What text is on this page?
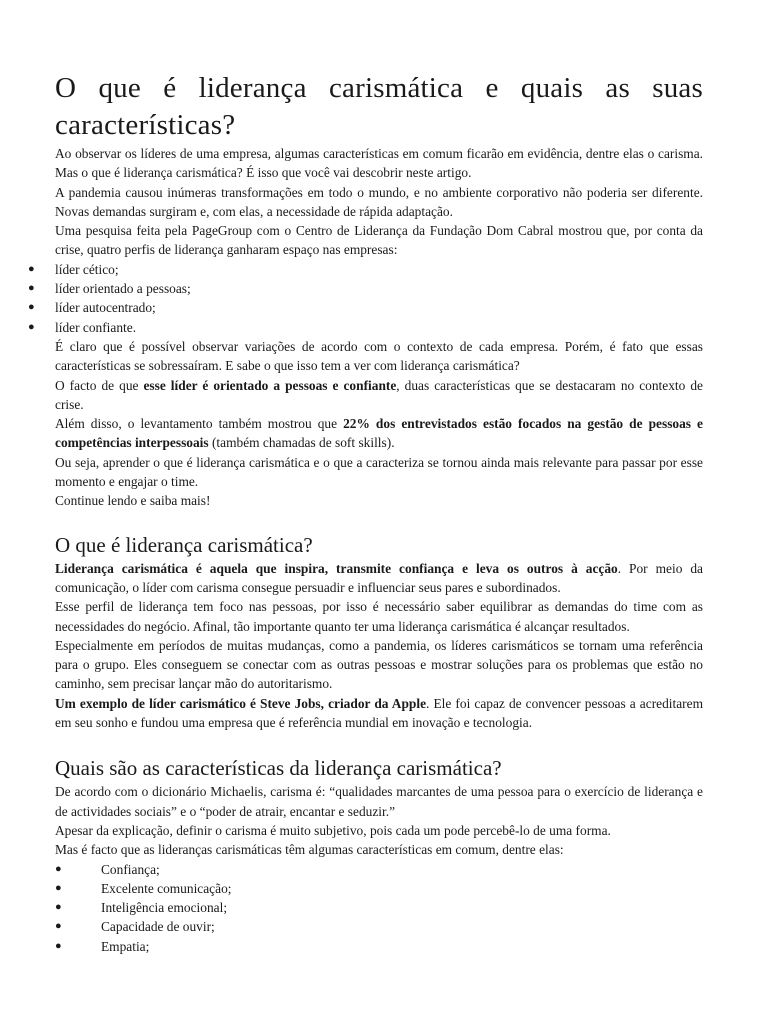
O que é liderança carismática e quais as suas características?

Ao observar os líderes de uma empresa, algumas características em comum ficarão em evidência, dentre elas o carisma. Mas o que é liderança carismática? É isso que você vai descobrir neste artigo.

A pandemia causou inúmeras transformações em todo o mundo, e no ambiente corporativo não poderia ser diferente. Novas demandas surgiram e, com elas, a necessidade de rápida adaptação.

Uma pesquisa feita pela PageGroup com o Centro de Liderança da Fundação Dom Cabral mostrou que, por conta da crise, quatro perfis de liderança ganharam espaço nas empresas:

● líder cético;
● líder orientado a pessoas;
● líder autocentrado;
● líder confiante.

É claro que é possível observar variações de acordo com o contexto de cada empresa. Porém, é fato que essas características se sobressaíram. E sabe o que isso tem a ver com liderança carismática?

O facto de que esse líder é orientado a pessoas e confiante, duas características que se destacaram no contexto de crise.

Além disso, o levantamento também mostrou que 22% dos entrevistados estão focados na gestão de pessoas e competências interpessoais (também chamadas de soft skills).

Ou seja, aprender o que é liderança carismática e o que a caracteriza se tornou ainda mais relevante para passar por esse momento e engajar o time.

Continue lendo e saiba mais!

O que é liderança carismática?

Liderança carismática é aquela que inspira, transmite confiança e leva os outros à acção. Por meio da comunicação, o líder com carisma consegue persuadir e influenciar seus pares e subordinados.

Esse perfil de liderança tem foco nas pessoas, por isso é necessário saber equilibrar as demandas do time com as necessidades do negócio. Afinal, tão importante quanto ter uma liderança carismática é alcançar resultados.

Especialmente em períodos de muitas mudanças, como a pandemia, os líderes carismáticos se tornam uma referência para o grupo. Eles conseguem se conectar com as outras pessoas e mostrar soluções para os problemas que estão no caminho, sem precisar lançar mão do autoritarismo.

Um exemplo de líder carismático é Steve Jobs, criador da Apple. Ele foi capaz de convencer pessoas a acreditarem em seu sonho e fundou uma empresa que é referência mundial em inovação e tecnologia.

Quais são as características da liderança carismática?

De acordo com o dicionário Michaelis, carisma é: “qualidades marcantes de uma pessoa para o exercício de liderança e de actividades sociais” e o “poder de atrair, encantar e seduzir.”

Apesar da explicação, definir o carisma é muito subjetivo, pois cada um pode percebê-lo de uma forma.

Mas é facto que as lideranças carismáticas têm algumas características em comum, dentre elas:

●	Confiança;
●	Excelente comunicação;
●	Inteligência emocional;
●	Capacidade de ouvir;
●	Empatia;
